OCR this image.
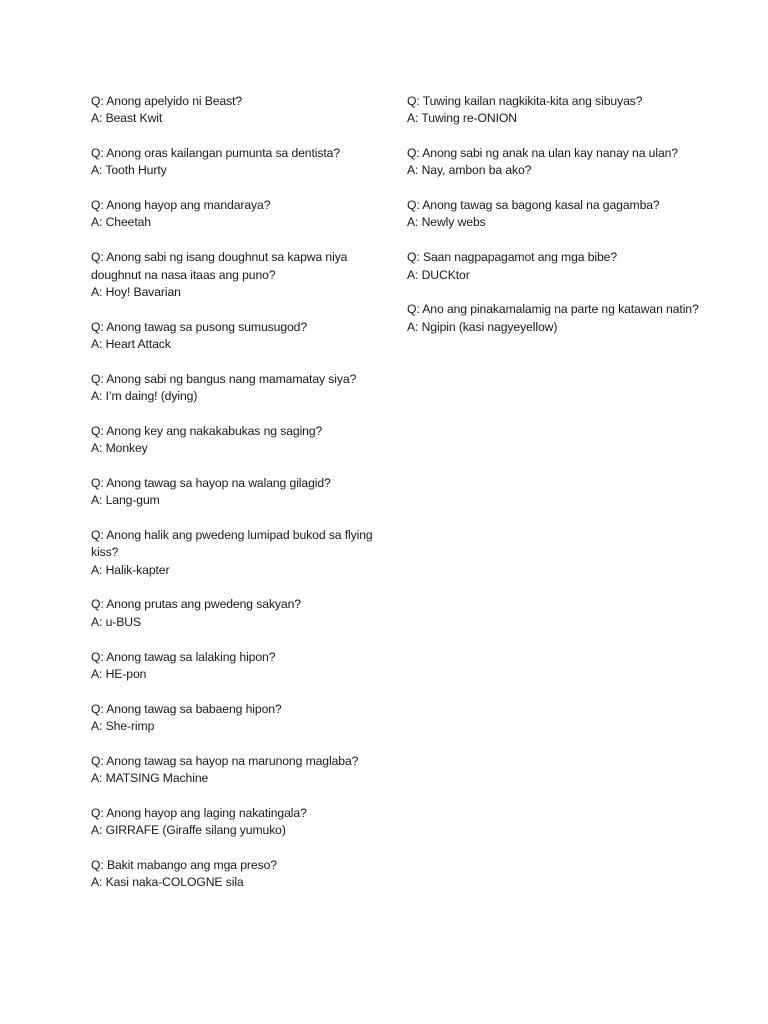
Q: Anong apelyido ni Beast?
A: Beast Kwit
Q: Anong oras kailangan pumunta sa dentista?
A: Tooth Hurty
Q: Anong hayop ang mandaraya?
A: Cheetah
Q: Anong sabi ng isang doughnut sa kapwa niya doughnut na nasa itaas ang puno?
A: Hoy! Bavarian
Q: Anong tawag sa pusong sumusugod?
A: Heart Attack
Q: Anong sabi ng bangus nang mamamatay siya?
A: I’m daing! (dying)
Q: Anong key ang nakakabukas ng saging?
A: Monkey
Q: Anong tawag sa hayop na walang gilagid?
A: Lang-gum
Q: Anong halik ang pwedeng lumipad bukod sa flying kiss?
A: Halik-kapter
Q: Anong prutas ang pwedeng sakyan?
A: u-BUS
Q: Anong tawag sa lalaking hipon?
A: HE-pon
Q: Anong tawag sa babaeng hipon?
A: She-rimp
Q: Anong tawag sa hayop na marunong maglaba?
A: MATSING Machine
Q: Anong hayop ang laging nakatingala?
A: GIRRAFE (Giraffe silang yumuko)
Q: Bakit mabango ang mga preso?
A: Kasi naka-COLOGNE sila
Q: Tuwing kailan nagkikita-kita ang sibuyas?
A: Tuwing re-ONION
Q: Anong sabi ng anak na ulan kay nanay na ulan?
A: Nay, ambon ba ako?
Q: Anong tawag sa bagong kasal na gagamba?
A: Newly webs
Q: Saan nagpapagamot ang mga bibe?
A: DUCKtor
Q: Ano ang pinakamalamig na parte ng katawan natin?
A: Ngipin (kasi nagyeyellow)
